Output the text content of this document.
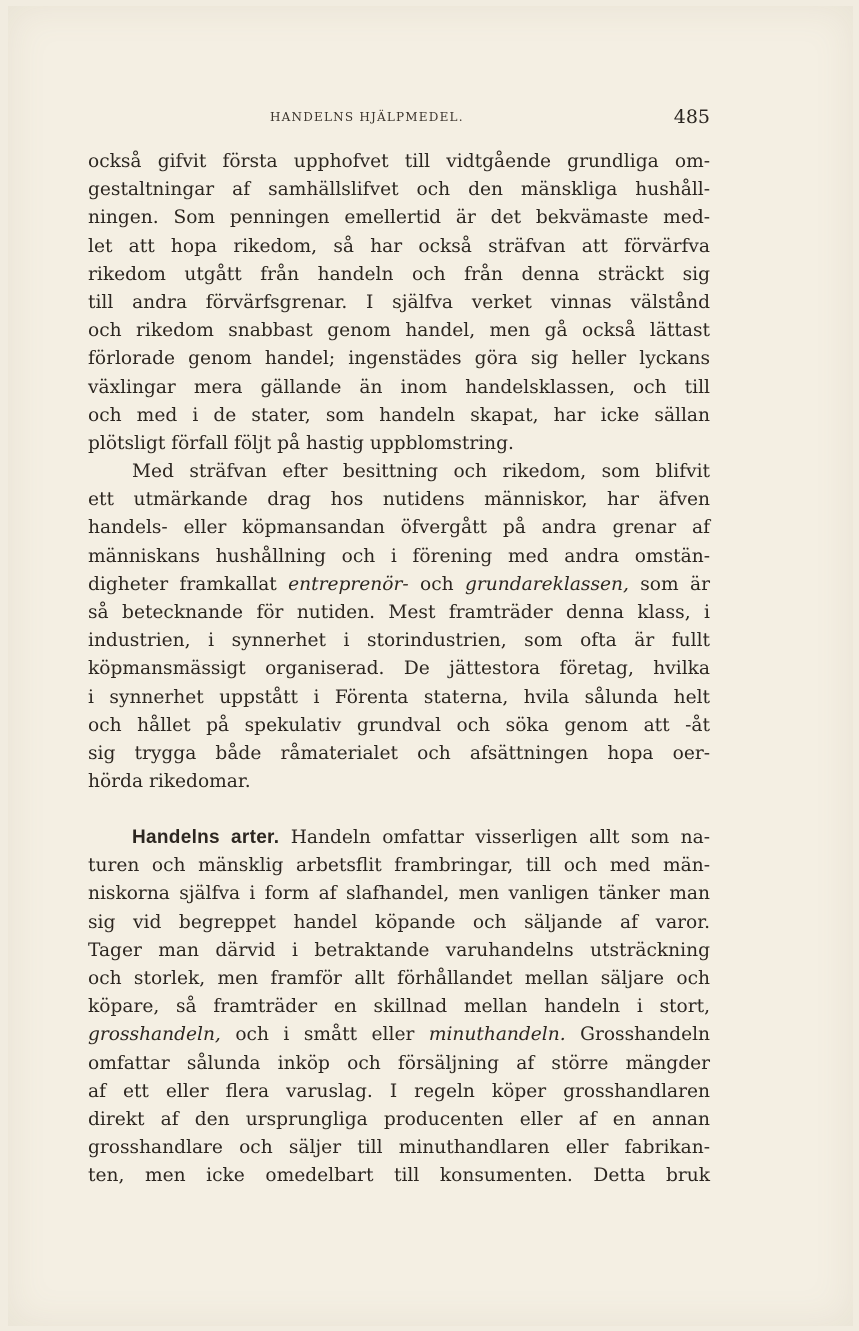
HANDELNS HJÄLPMEDEL.	485
också gifvit första upphofvet till vidtgående grundliga om-
gestaltningar af samhällslifvet och den mänskliga hushåll-
ningen. Som penningen emellertid är det bekvämaste med-
let att hopa rikedom, så har också sträfvan att förvärfva
rikedom utgått från handeln och från denna sträckt sig
till andra förvärfsgrenar. I själfva verket vinnas välstånd
och rikedom snabbast genom handel, men gå också lättast
förlorade genom handel; ingenstädes göra sig heller lyckans
växlingar mera gällande än inom handelsklassen, och till
och med i de stater, som handeln skapat, har icke sällan
plötsligt förfall följt på hastig uppblomstring.
Med sträfvan efter besittning och rikedom, som blifvit
ett utmärkande drag hos nutidens människor, har äfven
handels- eller köpmansandan öfvergått på andra grenar af
människans hushållning och i förening med andra omstän-
digheter framkallat entreprenör- och grundareklassen, som är
så betecknande för nutiden. Mest framträder denna klass, i
industrien, i synnerhet i storindustrien, som ofta är fullt
köpmansmässigt organiserad. De jättestora företag, hvilka
i synnerhet uppstått i Förenta staterna, hvila sålunda helt
och hållet på spekulativ grundval och söka genom att -åt
sig trygga både råmaterialet och afsättningen hopa oer-
hörda rikedomar.
Handelns arter. Handeln omfattar visserligen allt som na-
turen och mänsklig arbetsflit frambringar, till och med män-
niskorna själfva i form af slafhandel, men vanligen tänker man
sig vid begreppet handel köpande och säljande af varor.
Tager man därvid i betraktande varuhandelns utsträckning
och storlek, men framför allt förhållandet mellan säljare och
köpare, så framträder en skillnad mellan handeln i stort,
grosshandeln, och i smått eller minuthandeln. Grosshandeln
omfattar sålunda inköp och försäljning af större mängder
af ett eller flera varuslag. I regeln köper grosshandlaren
direkt af den ursprungliga producenten eller af en annan
grosshandlare och säljer till minuthandlaren eller fabrikan-
ten, men icke omedelbart till konsumenten. Detta bruk
